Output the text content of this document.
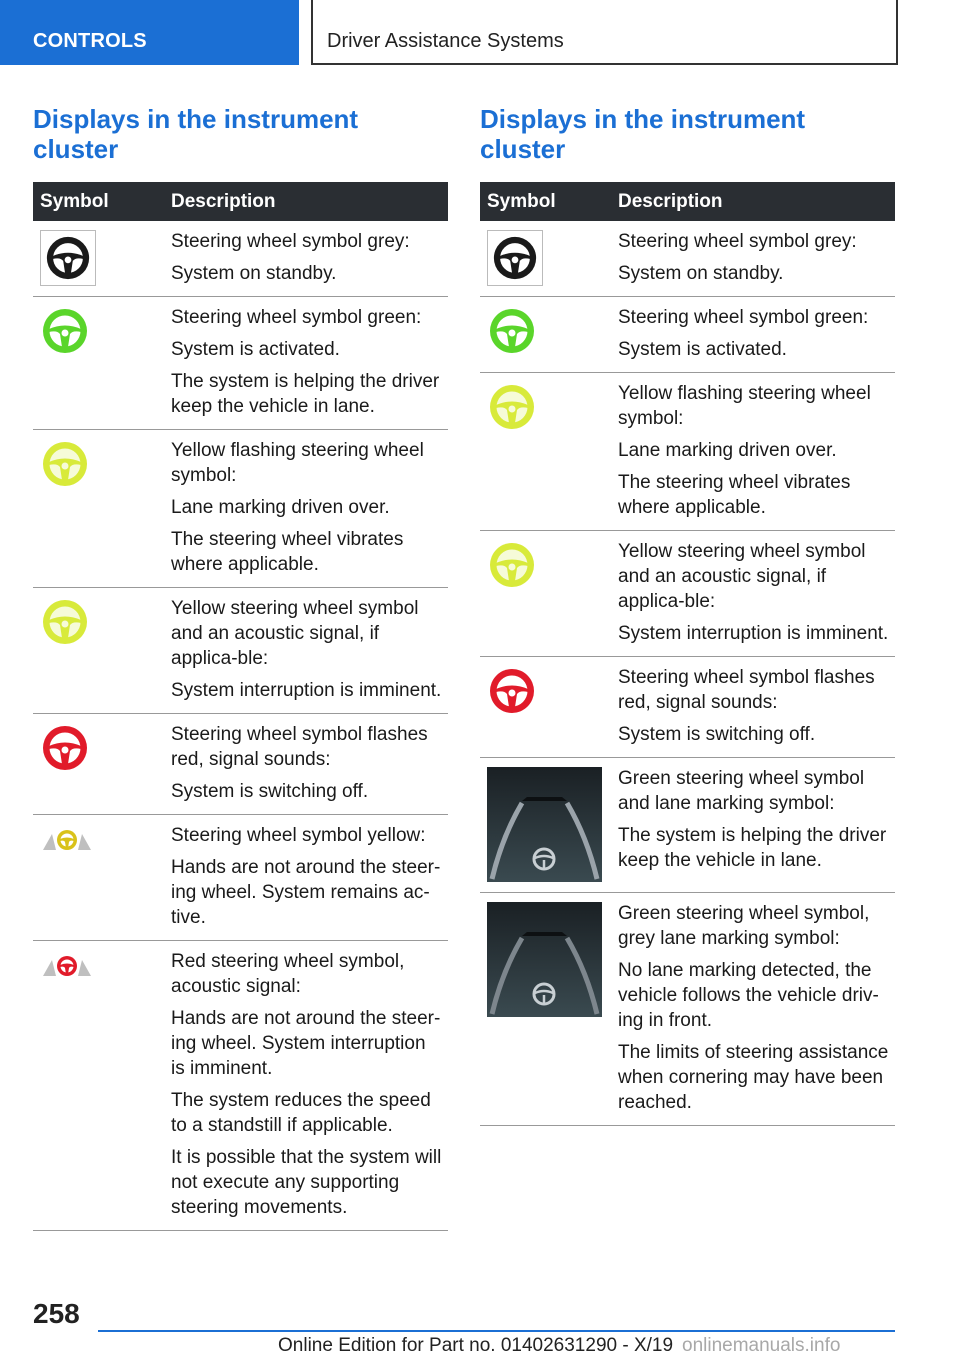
CONTROLS	Driver Assistance Systems
Displays in the instrument cluster
Symbol	Description

Steering wheel symbol grey:
System on standby.

Steering wheel symbol green:
System is activated.
The system is helping the driver keep the vehicle in lane.

Yellow flashing steering wheel symbol:
Lane marking driven over.
The steering wheel vibrates where applicable.

Yellow steering wheel symbol and an acoustic signal, if applica-ble:
System interruption is imminent.

Steering wheel symbol flashes red, signal sounds:
System is switching off.

Steering wheel symbol yellow:
Hands are not around the steer-ing wheel. System remains ac-tive.

Red steering wheel symbol, acoustic signal:
Hands are not around the steer-ing wheel. System interruption is imminent.
The system reduces the speed to a standstill if applicable.
It is possible that the system will not execute any supporting steering movements.
Displays in the instrument cluster
Symbol	Description

Steering wheel symbol grey:
System on standby.

Steering wheel symbol green:
System is activated.

Yellow flashing steering wheel symbol:
Lane marking driven over.
The steering wheel vibrates where applicable.

Yellow steering wheel symbol and an acoustic signal, if applica-ble:
System interruption is imminent.

Steering wheel symbol flashes red, signal sounds:
System is switching off.

Green steering wheel symbol and lane marking symbol:
The system is helping the driver keep the vehicle in lane.

Green steering wheel symbol, grey lane marking symbol:
No lane marking detected, the vehicle follows the vehicle driv-ing in front.
The limits of steering assistance when cornering may have been reached.
258
Online Edition for Part no. 01402631290 - X/19 onlinemanuals.info
